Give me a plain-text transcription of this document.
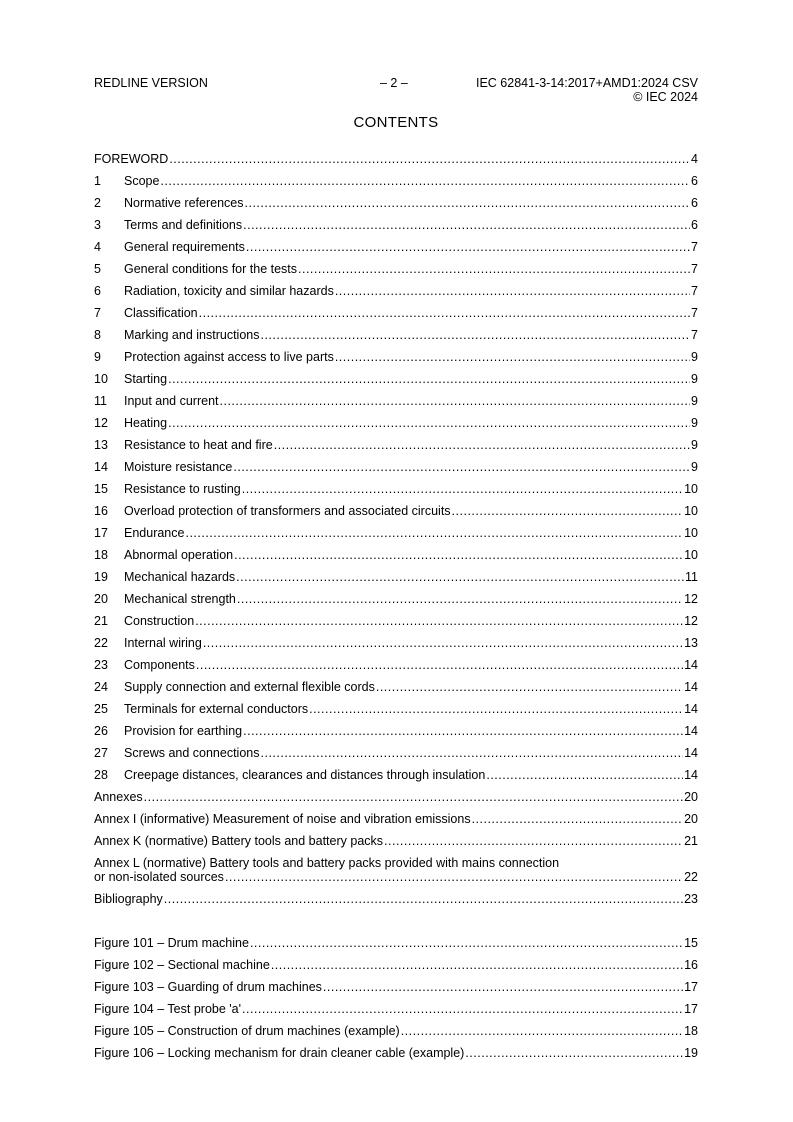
REDLINE VERSION	– 2 –	IEC 62841-3-14:2017+AMD1:2024 CSV
© IEC 2024
CONTENTS
FOREWORD .....	4
1	Scope .....	6
2	Normative references .....	6
3	Terms and definitions .....	6
4	General requirements .....	7
5	General conditions for the tests .....	7
6	Radiation, toxicity and similar hazards .....	7
7	Classification .....	7
8	Marking and instructions .....	7
9	Protection against access to live parts .....	9
10	Starting .....	9
11	Input and current .....	9
12	Heating .....	9
13	Resistance to heat and fire .....	9
14	Moisture resistance .....	9
15	Resistance to rusting .....	10
16	Overload protection of transformers and associated circuits .....	10
17	Endurance .....	10
18	Abnormal operation .....	10
19	Mechanical hazards .....	11
20	Mechanical strength .....	12
21	Construction .....	12
22	Internal wiring .....	13
23	Components .....	14
24	Supply connection and external flexible cords .....	14
25	Terminals for external conductors .....	14
26	Provision for earthing .....	14
27	Screws and connections .....	14
28	Creepage distances, clearances and distances through insulation .....	14
Annexes .....	20
Annex I (informative) Measurement of noise and vibration emissions .....	20
Annex K (normative) Battery tools and battery packs .....	21
Annex L (normative) Battery tools and battery packs provided with mains connection
or non-isolated sources .....	22
Bibliography .....	23
Figure 101 – Drum machine .....	15
Figure 102 – Sectional machine .....	16
Figure 103 – Guarding of drum machines .....	17
Figure 104 – Test probe 'a' .....	17
Figure 105 – Construction of drum machines (example) .....	18
Figure 106 – Locking mechanism for drain cleaner cable (example) .....	19
